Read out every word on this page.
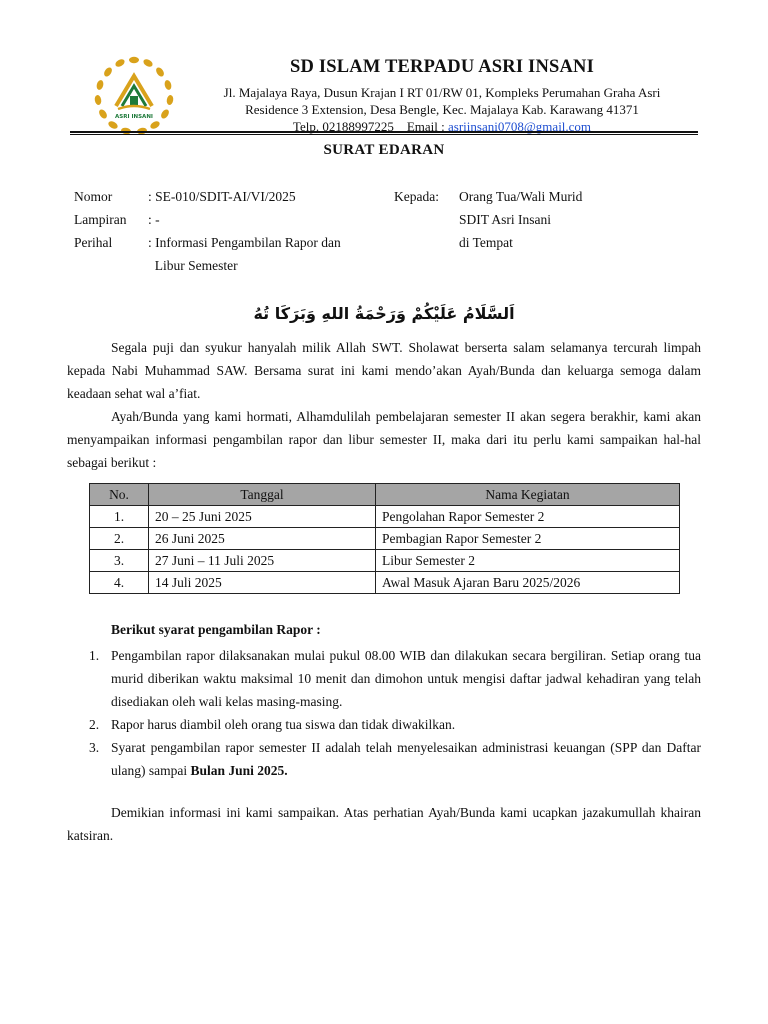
ASRI INSANI

SD ISLAM TERPADU ASRI INSANI

Jl. Majalaya Raya, Dusun Krajan I RT 01/RW 01, Kompleks Perumahan Graha Asri

Residence 3 Extension, Desa Bengle, Kec. Majalaya Kab. Karawang 41371

Telp. 02188997225 Email : asriinsani0708@gmail.com

SURAT EDARAN
Nomor	: SE-010/SDIT-AI/VI/2025
Lampiran	: -
Perihal	: Informasi Pengambilan Rapor dan
Libur Semester
Kepada:	Orang Tua/Wali Murid
SDIT Asri Insani
di Tempat
اَلسَّلَامُ عَلَيْكُمْ وَرَحْمَةُ اللهِ وَبَرَكَا تُهُ

Segala puji dan syukur hanyalah milik Allah SWT. Sholawat berserta salam selamanya tercurah limpah kepada Nabi Muhammad SAW. Bersama surat ini kami mendo’akan Ayah/Bunda dan keluarga semoga dalam keadaan sehat wal a’fiat.

Ayah/Bunda yang kami hormati, Alhamdulilah pembelajaran semester II akan segera berakhir, kami akan menyampaikan informasi pengambilan rapor dan libur semester II, maka dari itu perlu kami sampaikan hal-hal sebagai berikut :

No.	Tanggal	Nama Kegiatan
1.	20 – 25 Juni 2025	Pengolahan Rapor Semester 2
2.	26 Juni 2025	Pembagian Rapor Semester 2
3.	27 Juni – 11 Juli 2025	Libur Semester 2
4.	14 Juli 2025	Awal Masuk Ajaran Baru 2025/2026
Berikut syarat pengambilan Rapor :
1. Pengambilan rapor dilaksanakan mulai pukul 08.00 WIB dan dilakukan secara bergiliran. Setiap orang tua murid diberikan waktu maksimal 10 menit dan dimohon untuk mengisi daftar jadwal kehadiran yang telah disediakan oleh wali kelas masing-masing.
2. Rapor harus diambil oleh orang tua siswa dan tidak diwakilkan.
3. Syarat pengambilan rapor semester II adalah telah menyelesaikan administrasi keuangan (SPP dan Daftar ulang) sampai Bulan Juni 2025.

Demikian informasi ini kami sampaikan. Atas perhatian Ayah/Bunda kami ucapkan jazakumullah khairan katsiran.
